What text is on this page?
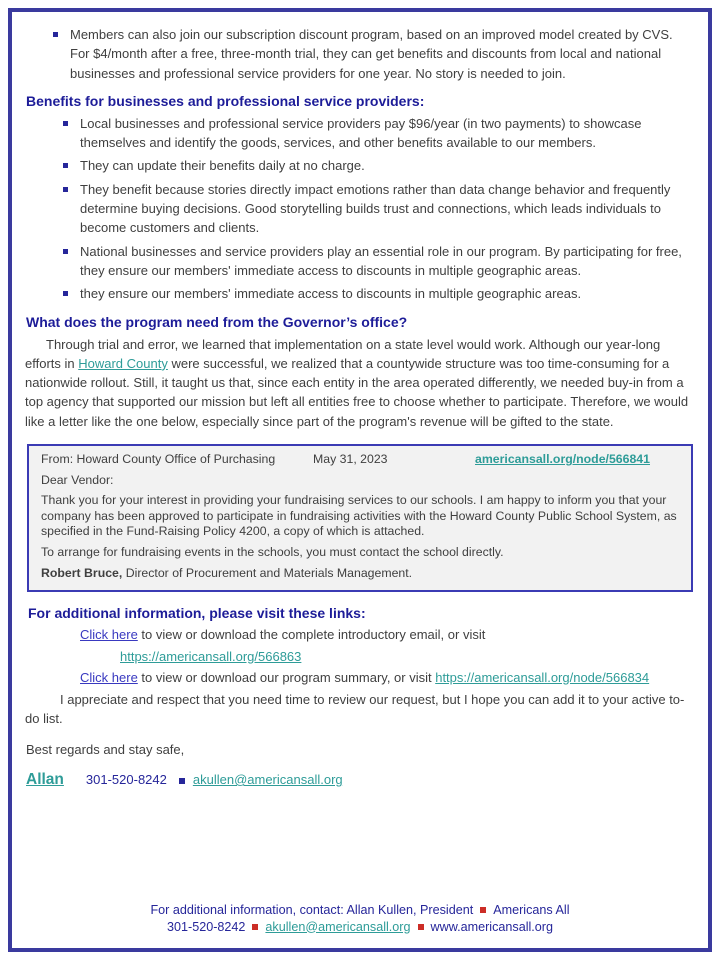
Members can also join our subscription discount program, based on an improved model created by CVS. For $4/month after a free, three-month trial, they can get benefits and discounts from local and national businesses and professional service providers for one year. No story is needed to join.
Benefits for businesses and professional service providers:
Local businesses and professional service providers pay $96/year (in two payments) to showcase themselves and identify the goods, services, and other benefits available to our members.
They can update their benefits daily at no charge.
They benefit because stories directly impact emotions rather than data change behavior and frequently determine buying decisions. Good storytelling builds trust and connections, which leads individuals to become customers and clients.
National businesses and service providers play an essential role in our program. By participating for free, they ensure our members' immediate access to discounts in multiple geographic areas.
they ensure our members' immediate access to discounts in multiple geographic areas.
What does the program need from the Governor’s office?

Through trial and error, we learned that implementation on a state level would work. Although our year-long efforts in Howard County were successful, we realized that a countywide structure was too time-consuming for a nationwide rollout. Still, it taught us that, since each entity in the area operated differently, we needed buy-in from a top agency that supported our mission but left all entities free to choose whether to participate. Therefore, we would like a letter like the one below, especially since part of the program's revenue will be gifted to the state.

From: Howard County Office of Purchasing	May 31, 2023	americansall.org/node/566841

Dear Vendor:

Thank you for your interest in providing your fundraising services to our schools. I am happy to inform you that your company has been approved to participate in fundraising activities with the Howard County Public School System, as specified in the Fund-Raising Policy 4200, a copy of which is attached.

To arrange for fundraising events in the schools, you must contact the school directly.

Robert Bruce, Director of Procurement and Materials Management.

For additional information, please visit these links:

Click here to view or download the complete introductory email, or visit

https://americansall.org/566863

Click here to view or download our program summary, or visit https://americansall.org/node/566834

I appreciate and respect that you need time to review our request, but I hope you can add it to your active to-do list.

Best regards and stay safe,

Allan 301-520-8242 akullen@americansall.org
For additional information, contact: Allan Kullen, President Americans All
301-520-8242 akullen@americansall.org www.americansall.org
